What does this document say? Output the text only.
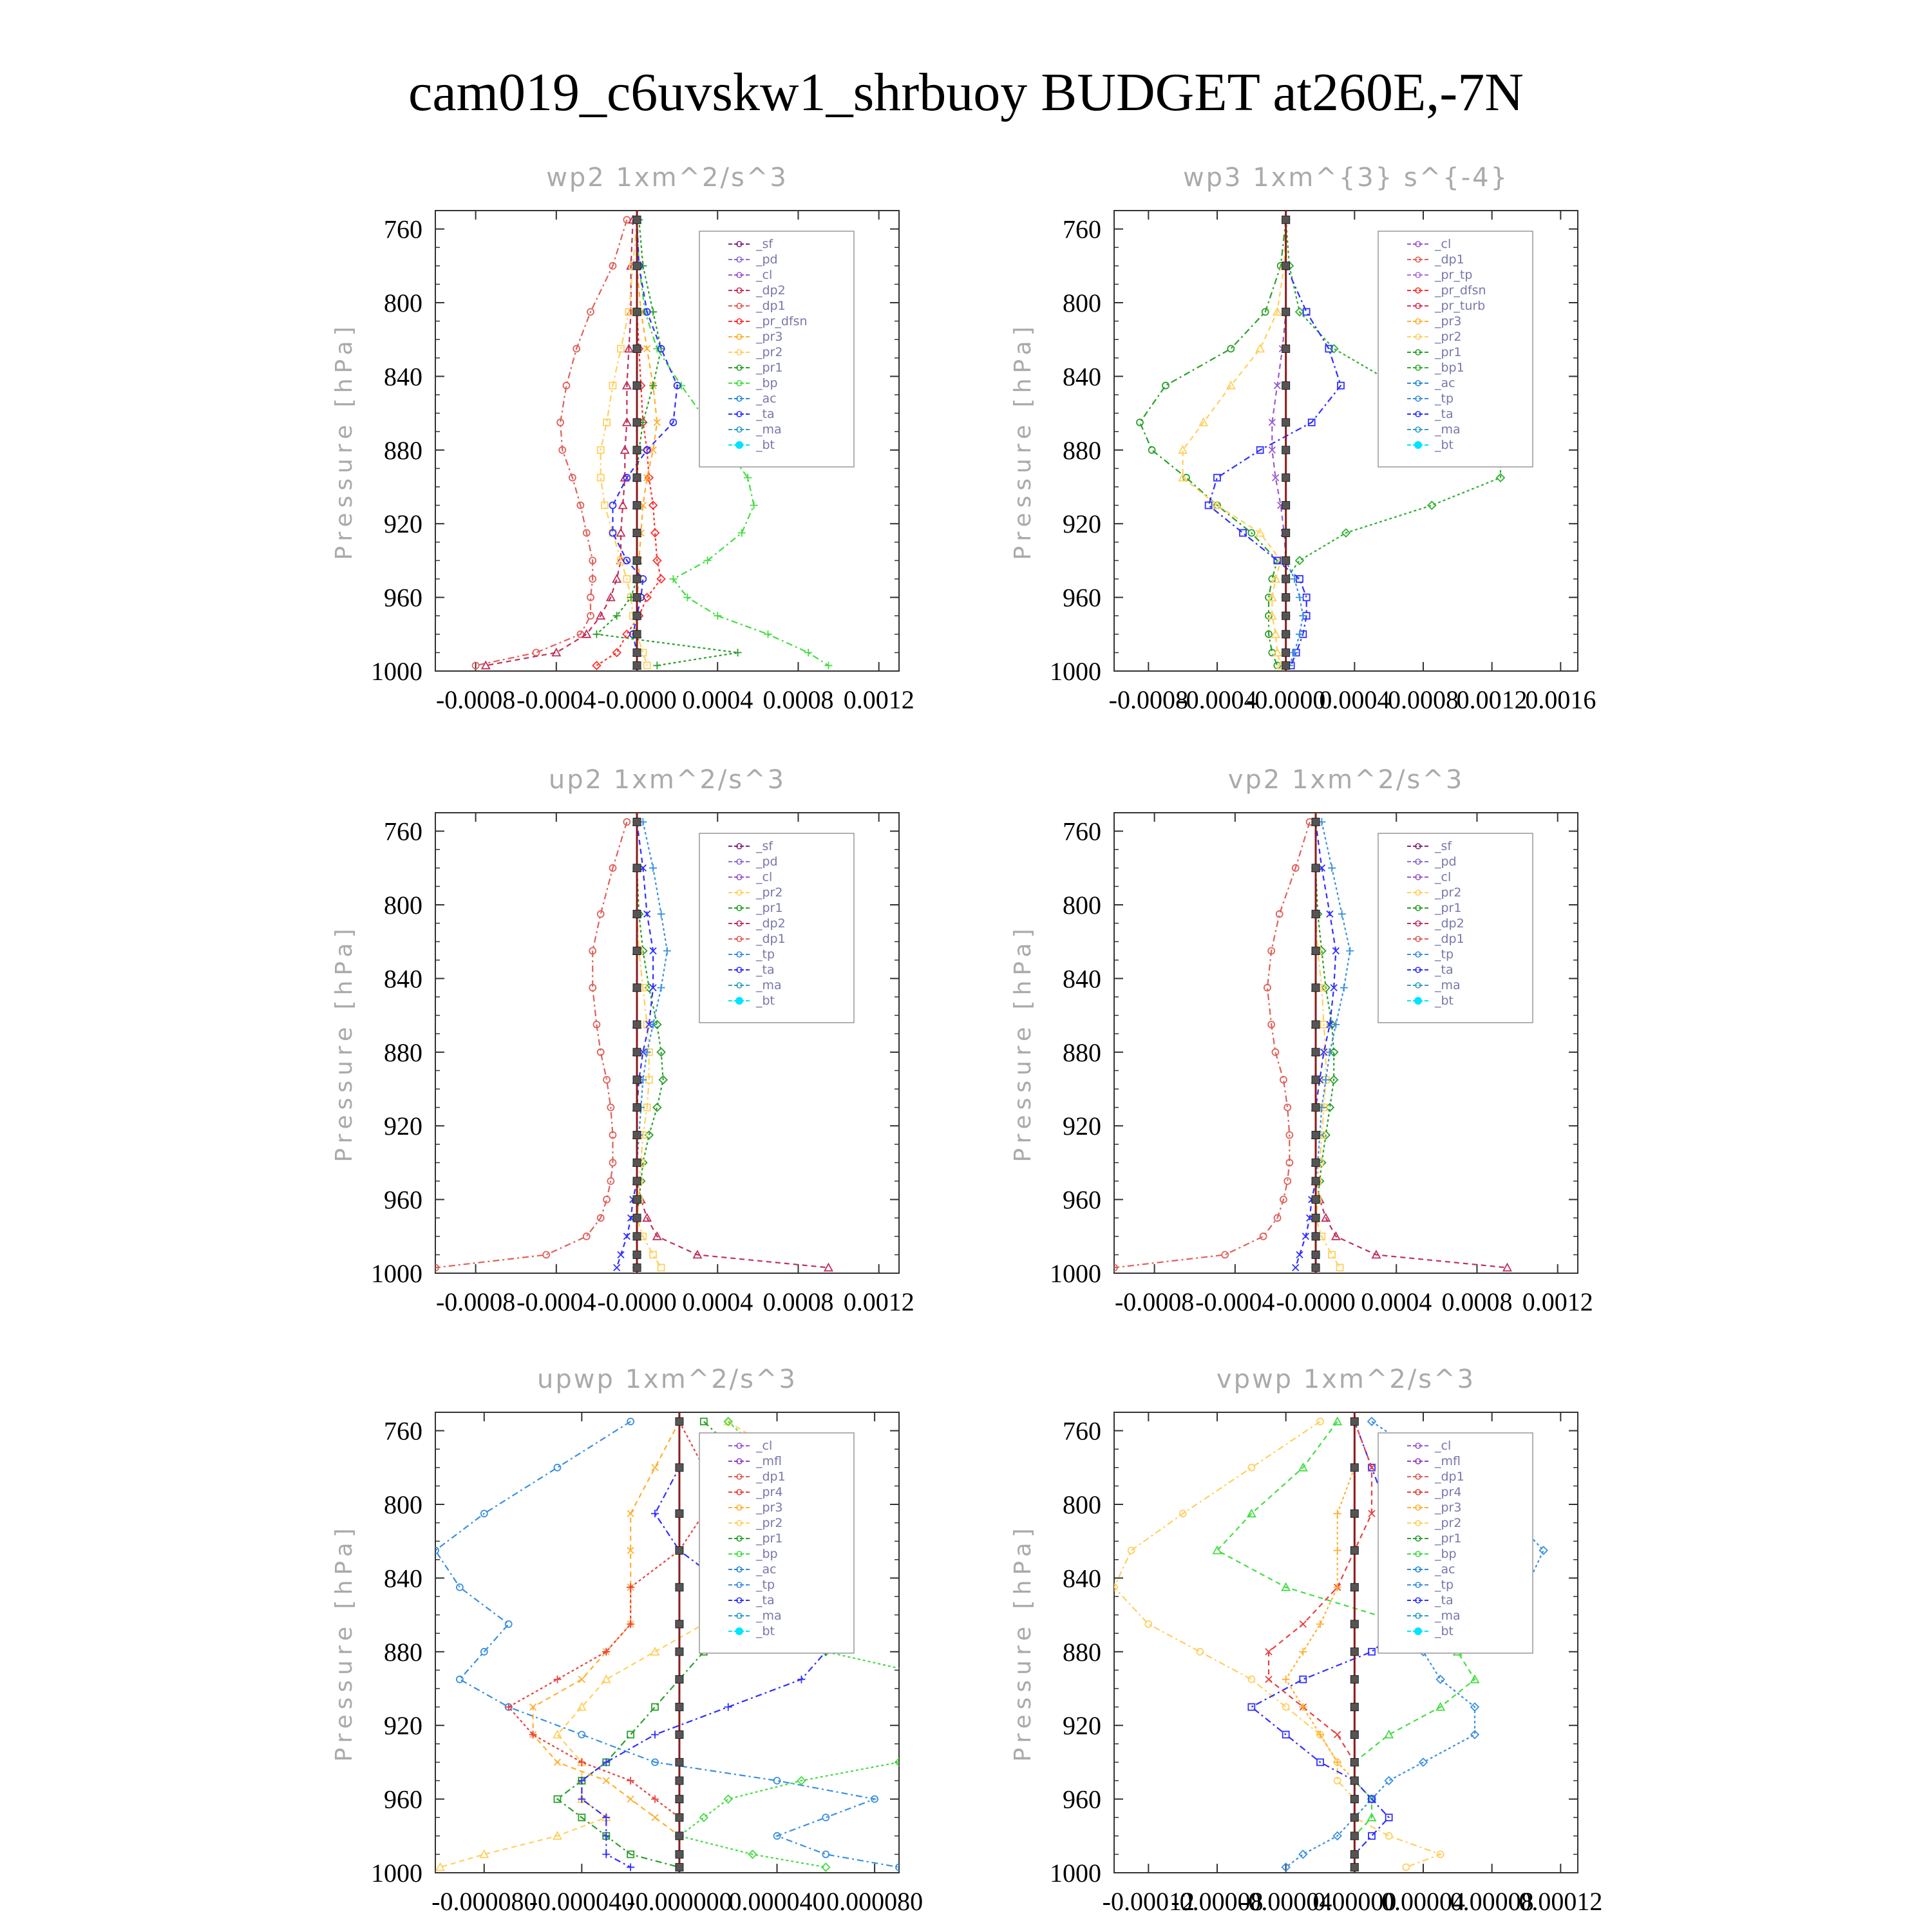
cam019_c6uvskw1_shrbuoy BUDGET at260E,-7N
wp2 1xm^2/s^3
Pressure [hPa]
760
800
840
880
920
960
1000
-0.0008 -0.0004 -0.0000 0.0004 0.0008 0.0012
_sf
_pd
_cl
_dp2
_dp1
_pr_dfsn
_pr3
_pr2
_pr1
_bp
_ac
_ta
_ma
_bt
wp3 1xm^{3} s^{-4}
Pressure [hPa]
760
800
840
880
920
960
1000
-0.0008
-0.0004
-0.0000
0.0004
0.0008
0.0012
0.0016
_cl
_dp1
_pr_tp
_pr_dfsn
_pr_turb
_pr3
_pr2
_pr1
_bp1
_ac
_tp
_ta
_ma
_bt
up2 1xm^2/s^3
Pressure [hPa]
760
800
840
880
920
960
1000
-0.0008 -0.0004 -0.0000 0.0004 0.0008 0.0012
_sf
_pd
_cl
_pr2
_pr1
_dp2
_dp1
_tp
_ta
_ma
_bt
vp2 1xm^2/s^3
Pressure [hPa]
760
800
840
880
920
960
1000
-0.0008 -0.0004 -0.0000 0.0004 0.0008 0.0012
_sf
_pd
_cl
_pr2
_pr1
_dp2
_dp1
_tp
_ta
_ma
_bt
upwp 1xm^2/s^3
Pressure [hPa]
760
800
840
880
920
960
1000
-0.000080
-0.000040
-0.000000
0.000040 0.000080
_cl
_mfl
_dp1
_pr4
_pr3
_pr2
_pr1
_bp
_ac
_tp
_ta
_ma
_bt
vpwp 1xm^2/s^3
Pressure [hPa]
760
800
840
880
920
960
1000
-0.00012
-0.00008
-0.00004
0.00000
0.00004
0.00008
0.00012
_cl
_mfl
_dp1
_pr4
_pr3
_pr2
_pr1
_bp
_ac
_tp
_ta
_ma
_bt
